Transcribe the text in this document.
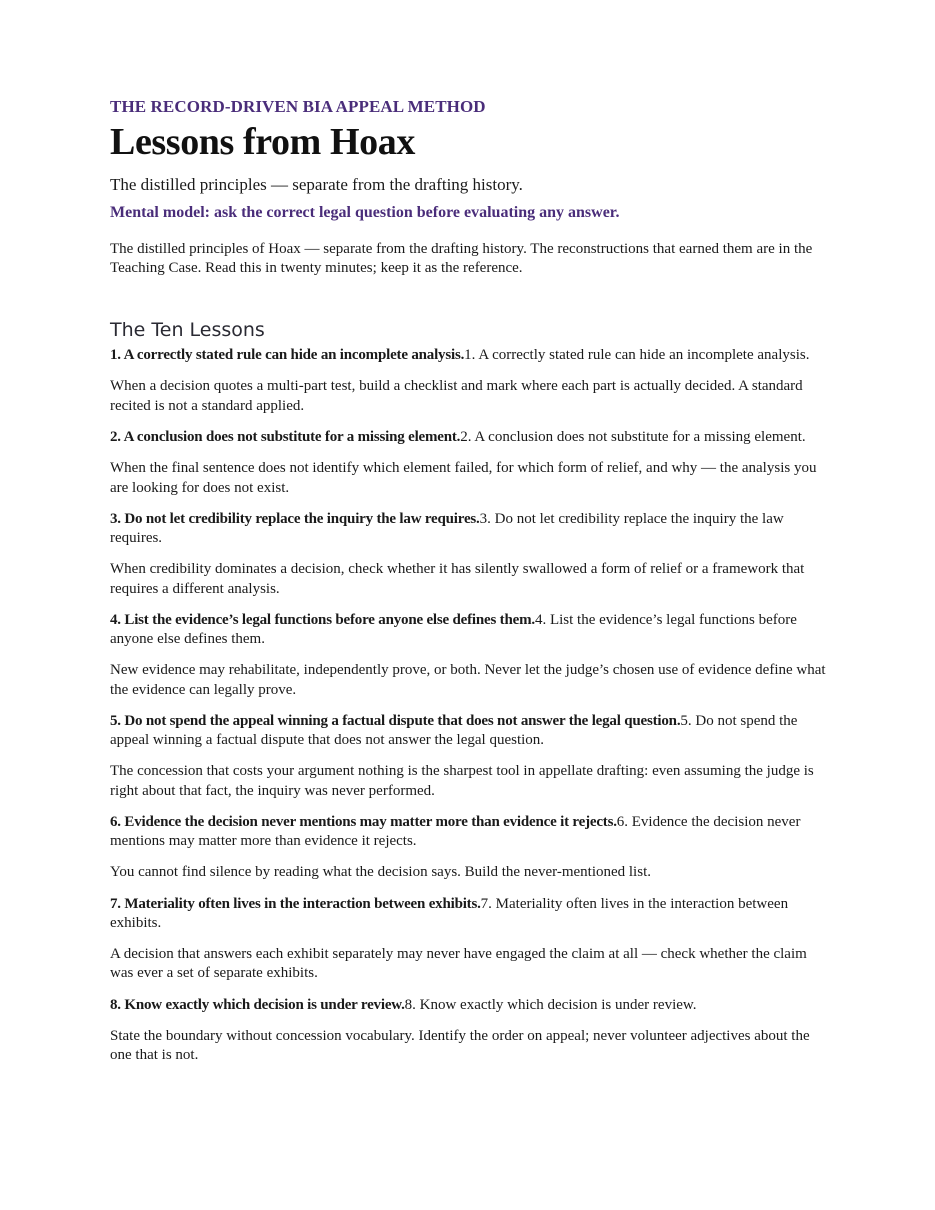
THE RECORD-DRIVEN BIA APPEAL METHOD

Lessons from Hoax

The distilled principles — separate from the drafting history.

Mental model: ask the correct legal question before evaluating any answer.

The distilled principles of Hoax — separate from the drafting history. The reconstructions that earned them are in the Teaching Case. Read this in twenty minutes; keep it as the reference.

The Ten Lessons

1. A correctly stated rule can hide an incomplete analysis.1. A correctly stated rule can hide an incomplete analysis.

When a decision quotes a multi-part test, build a checklist and mark where each part is actually decided. A standard recited is not a standard applied.

2. A conclusion does not substitute for a missing element.2. A conclusion does not substitute for a missing element.

When the final sentence does not identify which element failed, for which form of relief, and why — the analysis you are looking for does not exist.

3. Do not let credibility replace the inquiry the law requires.3. Do not let credibility replace the inquiry the law requires.

When credibility dominates a decision, check whether it has silently swallowed a form of relief or a framework that requires a different analysis.

4. List the evidence’s legal functions before anyone else defines them.4. List the evidence’s legal functions before anyone else defines them.

New evidence may rehabilitate, independently prove, or both. Never let the judge’s chosen use of evidence define what the evidence can legally prove.

5. Do not spend the appeal winning a factual dispute that does not answer the legal question.5. Do not spend the appeal winning a factual dispute that does not answer the legal question.

The concession that costs your argument nothing is the sharpest tool in appellate drafting: even assuming the judge is right about that fact, the inquiry was never performed.

6. Evidence the decision never mentions may matter more than evidence it rejects.6. Evidence the decision never mentions may matter more than evidence it rejects.

You cannot find silence by reading what the decision says. Build the never-mentioned list.

7. Materiality often lives in the interaction between exhibits.7. Materiality often lives in the interaction between exhibits.

A decision that answers each exhibit separately may never have engaged the claim at all — check whether the claim was ever a set of separate exhibits.

8. Know exactly which decision is under review.8. Know exactly which decision is under review.

State the boundary without concession vocabulary. Identify the order on appeal; never volunteer adjectives about the one that is not.
